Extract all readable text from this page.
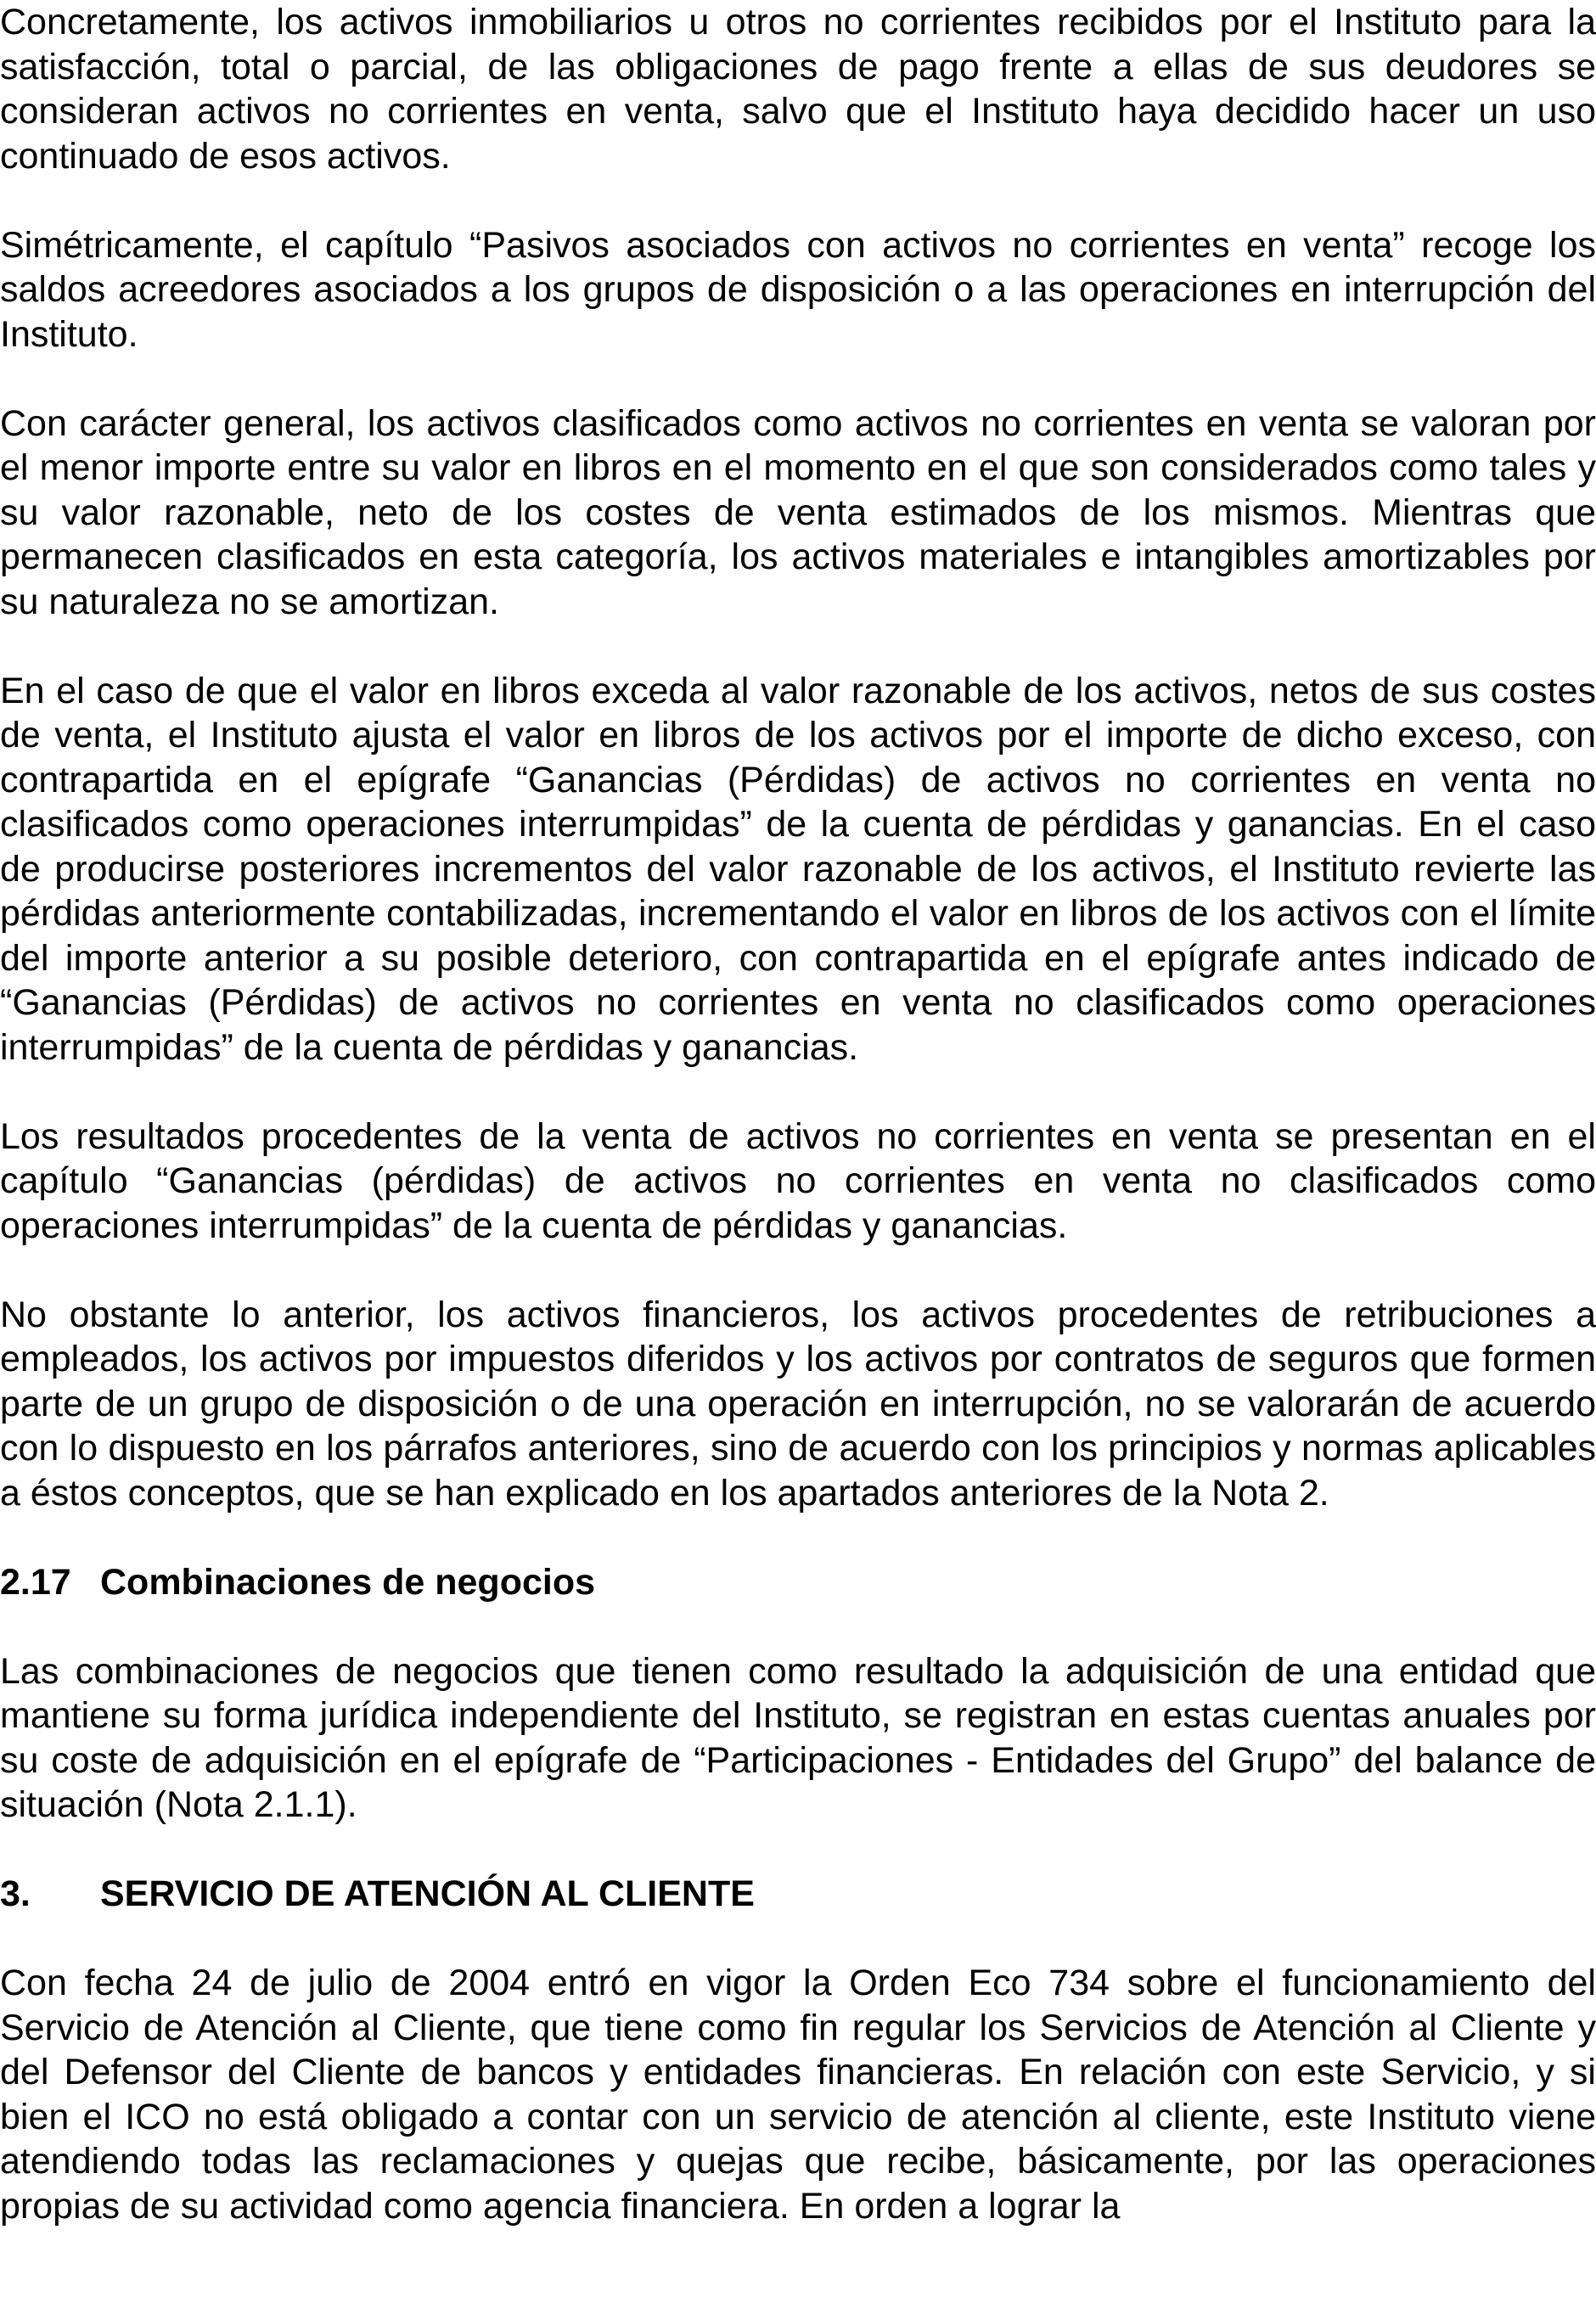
Concretamente, los activos inmobiliarios u otros no corrientes recibidos por el Instituto para la satisfacción, total o parcial, de las obligaciones de pago frente a ellas de sus deudores se consideran activos no corrientes en venta, salvo que el Instituto haya decidido hacer un uso continuado de esos activos.

Simétricamente, el capítulo “Pasivos asociados con activos no corrientes en venta” recoge los saldos acreedores asociados a los grupos de disposición o a las operaciones en interrupción del Instituto.

Con carácter general, los activos clasificados como activos no corrientes en venta se valoran por el menor importe entre su valor en libros en el momento en el que son considerados como tales y su valor razonable, neto de los costes de venta estimados de los mismos. Mientras que permanecen clasificados en esta categoría, los activos materiales e intangibles amortizables por su naturaleza no se amortizan.

En el caso de que el valor en libros exceda al valor razonable de los activos, netos de sus costes de venta, el Instituto ajusta el valor en libros de los activos por el importe de dicho exceso, con contrapartida en el epígrafe “Ganancias (Pérdidas) de activos no corrientes en venta no clasificados como operaciones interrumpidas” de la cuenta de pérdidas y ganancias. En el caso de producirse posteriores incrementos del valor razonable de los activos, el Instituto revierte las pérdidas anteriormente contabilizadas, incrementando el valor en libros de los activos con el límite del importe anterior a su posible deterioro, con contrapartida en el epígrafe antes indicado de “Ganancias (Pérdidas) de activos no corrientes en venta no clasificados como operaciones interrumpidas” de la cuenta de pérdidas y ganancias.

Los resultados procedentes de la venta de activos no corrientes en venta se presentan en el capítulo “Ganancias (pérdidas) de activos no corrientes en venta no clasificados como operaciones interrumpidas” de la cuenta de pérdidas y ganancias.

No obstante lo anterior, los activos financieros, los activos procedentes de retribuciones a empleados, los activos por impuestos diferidos y los activos por contratos de seguros que formen parte de un grupo de disposición o de una operación en interrupción, no se valorarán de acuerdo con lo dispuesto en los párrafos anteriores, sino de acuerdo con los principios y normas aplicables a éstos conceptos, que se han explicado en los apartados anteriores de la Nota 2.

2.17 Combinaciones de negocios

Las combinaciones de negocios que tienen como resultado la adquisición de una entidad que mantiene su forma jurídica independiente del Instituto, se registran en estas cuentas anuales por su coste de adquisición en el epígrafe de “Participaciones - Entidades del Grupo” del balance de situación (Nota 2.1.1).

3. SERVICIO DE ATENCIÓN AL CLIENTE

Con fecha 24 de julio de 2004 entró en vigor la Orden Eco 734 sobre el funcionamiento del Servicio de Atención al Cliente, que tiene como fin regular los Servicios de Atención al Cliente y del Defensor del Cliente de bancos y entidades financieras. En relación con este Servicio, y si bien el ICO no está obligado a contar con un servicio de atención al cliente, este Instituto viene atendiendo todas las reclamaciones y quejas que recibe, básicamente, por las operaciones propias de su actividad como agencia financiera. En orden a lograr la
